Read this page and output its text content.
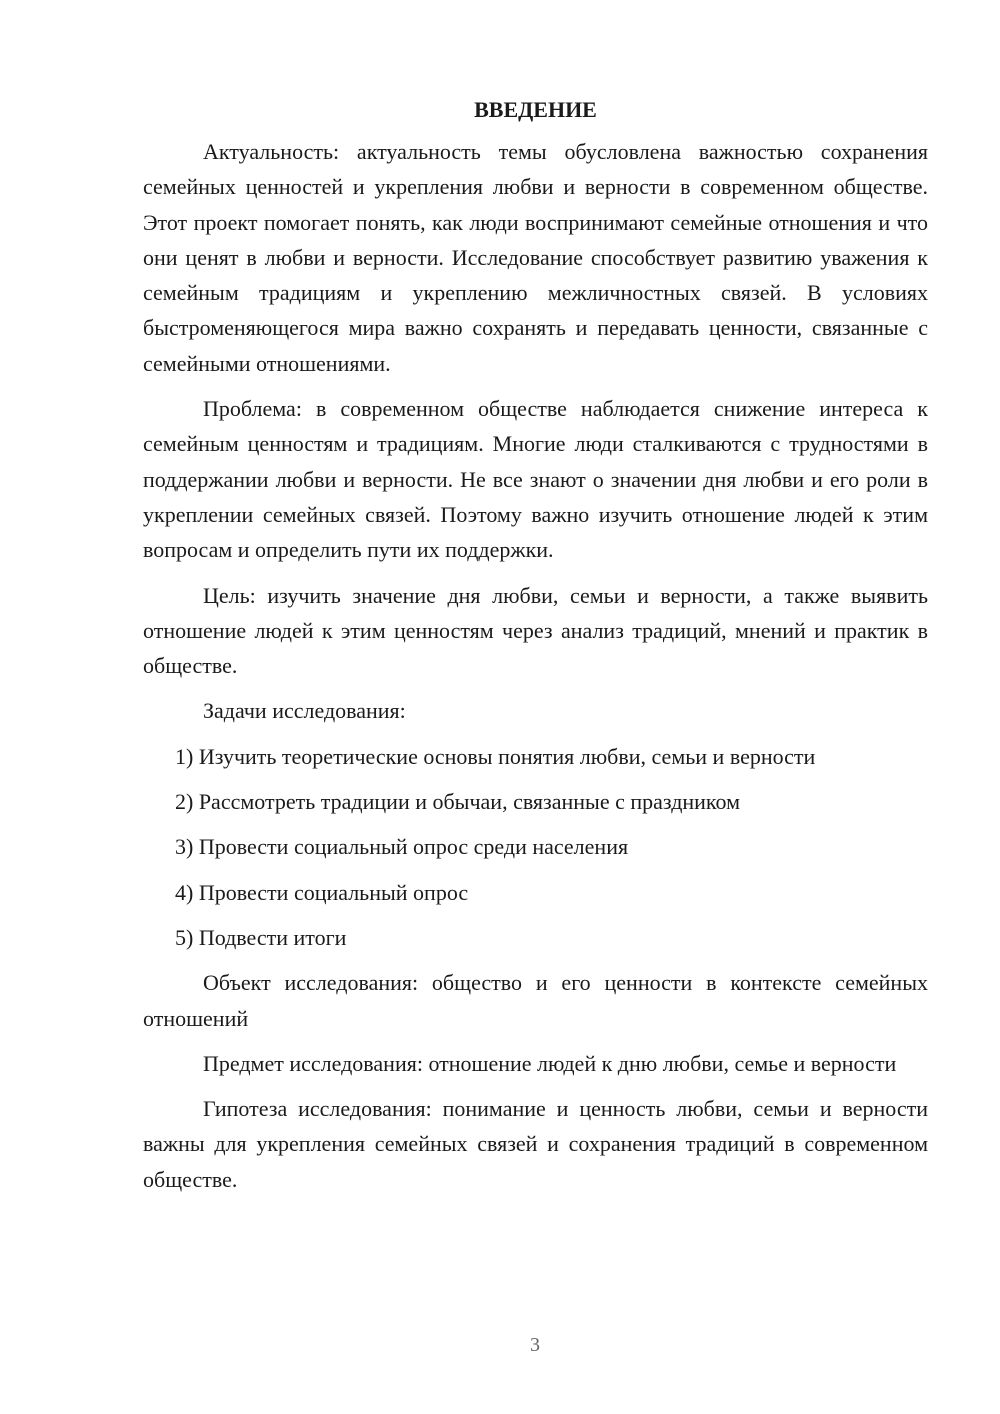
ВВЕДЕНИЕ

Актуальность: актуальность темы обусловлена важностью сохранения семейных ценностей и укрепления любви и верности в современном обществе. Этот проект помогает понять, как люди воспринимают семейные отношения и что они ценят в любви и верности. Исследование способствует развитию уважения к семейным традициям и укреплению межличностных связей. В условиях быстроменяющегося мира важно сохранять и передавать ценности, связанные с семейными отношениями.

Проблема: в современном обществе наблюдается снижение интереса к семейным ценностям и традициям. Многие люди сталкиваются с трудностями в поддержании любви и верности. Не все знают о значении дня любви и его роли в укреплении семейных связей. Поэтому важно изучить отношение людей к этим вопросам и определить пути их поддержки.

Цель: изучить значение дня любви, семьи и верности, а также выявить отношение людей к этим ценностям через анализ традиций, мнений и практик в обществе.

Задачи исследования:

1) Изучить теоретические основы понятия любви, семьи и верности
2) Рассмотреть традиции и обычаи, связанные с праздником
3) Провести социальный опрос среди населения
4) Провести социальный опрос
5) Подвести итоги

Объект исследования: общество и его ценности в контексте семейных отношений

Предмет исследования: отношение людей к дню любви, семье и верности

Гипотеза исследования: понимание и ценность любви, семьи и верности важны для укрепления семейных связей и сохранения традиций в современном обществе.

3
